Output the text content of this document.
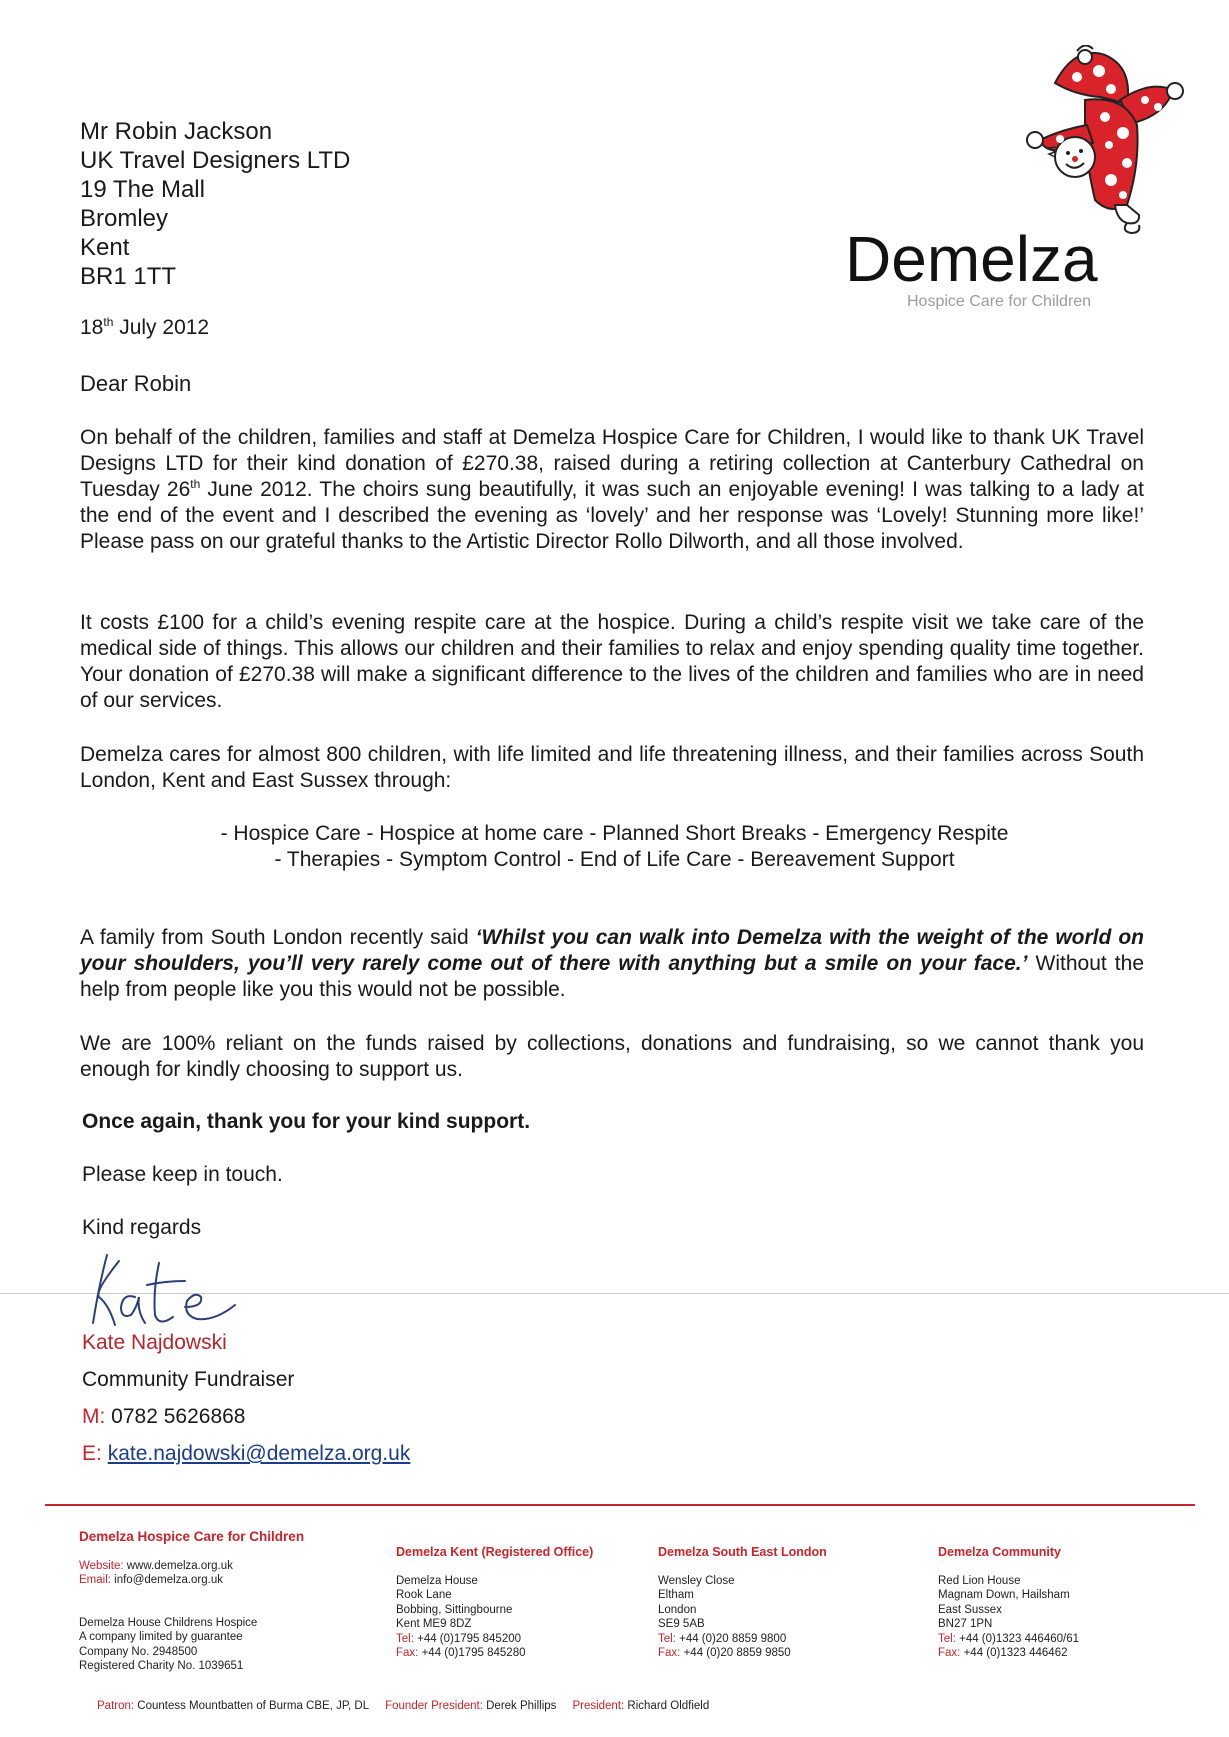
Mr Robin Jackson
UK Travel Designers LTD
19 The Mall
Bromley
Kent
BR1 1TT
18th July 2012
Dear Robin
Demelza
Hospice Care for Children
On behalf of the children, families and staff at Demelza Hospice Care for Children, I would like to thank UK Travel Designs LTD for their kind donation of £270.38, raised during a retiring collection at Canterbury Cathedral on Tuesday 26th June 2012. The choirs sung beautifully, it was such an enjoyable evening! I was talking to a lady at the end of the event and I described the evening as ‘lovely’ and her response was ‘Lovely! Stunning more like!’ Please pass on our grateful thanks to the Artistic Director Rollo Dilworth, and all those involved.
It costs £100 for a child’s evening respite care at the hospice. During a child’s respite visit we take care of the medical side of things. This allows our children and their families to relax and enjoy spending quality time together. Your donation of £270.38 will make a significant difference to the lives of the children and families who are in need of our services.
Demelza cares for almost 800 children, with life limited and life threatening illness, and their families across South London, Kent and East Sussex through:
- Hospice Care - Hospice at home care - Planned Short Breaks - Emergency Respite
- Therapies - Symptom Control - End of Life Care - Bereavement Support
A family from South London recently said ‘Whilst you can walk into Demelza with the weight of the world on your shoulders, you’ll very rarely come out of there with anything but a smile on your face.’ Without the help from people like you this would not be possible.
We are 100% reliant on the funds raised by collections, donations and fundraising, so we cannot thank you enough for kindly choosing to support us.
Once again, thank you for your kind support.
Please keep in touch.
Kind regards
Kate Najdowski
Community Fundraiser
M: 0782 5626868
E: kate.najdowski@demelza.org.uk
Demelza Hospice Care for Children
Website: www.demelza.org.uk
Email: info@demelza.org.uk
Demelza House Childrens Hospice
A company limited by guarantee
Company No. 2948500
Registered Charity No. 1039651
Demelza Kent (Registered Office)
Demelza House
Rook Lane
Bobbing, Sittingbourne
Kent ME9 8DZ
Tel: +44 (0)1795 845200
Fax: +44 (0)1795 845280
Demelza South East London
Wensley Close
Eltham
London
SE9 5AB
Tel: +44 (0)20 8859 9800
Fax: +44 (0)20 8859 9850
Demelza Community
Red Lion House
Magnam Down, Hailsham
East Sussex
BN27 1PN
Tel: +44 (0)1323 446460/61
Fax: +44 (0)1323 446462
Patron: Countess Mountbatten of Burma CBE, JP, DL Founder President: Derek Phillips President: Richard Oldfield
